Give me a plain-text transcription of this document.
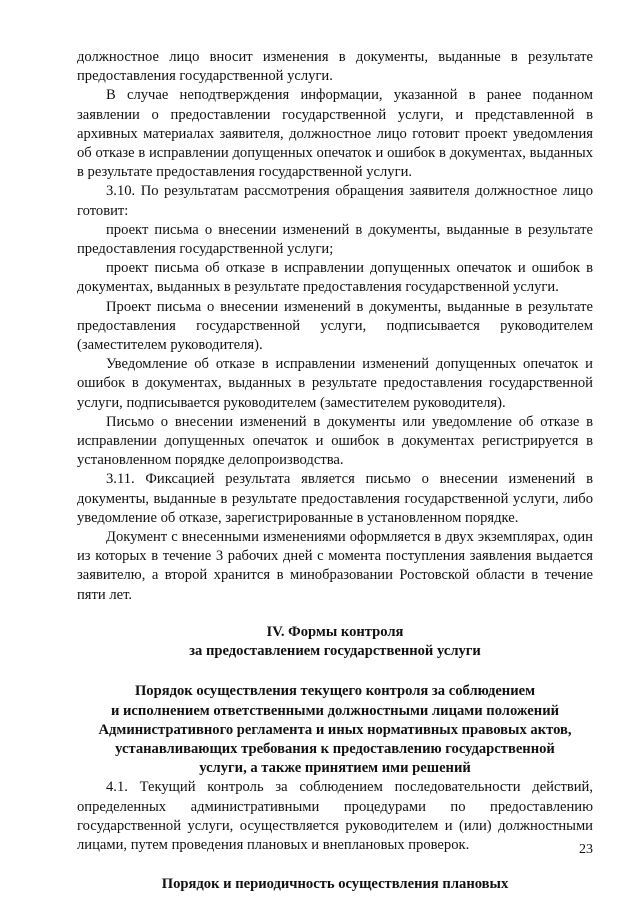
должностное лицо вносит изменения в документы, выданные в результате предоставления государственной услуги.

В случае неподтверждения информации, указанной в ранее поданном заявлении о предоставлении государственной услуги, и представленной в архивных материалах заявителя, должностное лицо готовит проект уведомления об отказе в исправлении допущенных опечаток и ошибок в документах, выданных в результате предоставления государственной услуги.

3.10. По результатам рассмотрения обращения заявителя должностное лицо готовит:

проект письма о внесении изменений в документы, выданные в результате предоставления государственной услуги;

проект письма об отказе в исправлении допущенных опечаток и ошибок в документах, выданных в результате предоставления государственной услуги.

Проект письма о внесении изменений в документы, выданные в результате предоставления государственной услуги, подписывается руководителем (заместителем руководителя).

Уведомление об отказе в исправлении изменений допущенных опечаток и ошибок в документах, выданных в результате предоставления государственной услуги, подписывается руководителем (заместителем руководителя).

Письмо о внесении изменений в документы или уведомление об отказе в исправлении допущенных опечаток и ошибок в документах регистрируется в установленном порядке делопроизводства.

3.11. Фиксацией результата является письмо о внесении изменений в документы, выданные в результате предоставления государственной услуги, либо уведомление об отказе, зарегистрированные в установленном порядке.

Документ с внесенными изменениями оформляется в двух экземплярах, один из которых в течение 3 рабочих дней с момента поступления заявления выдается заявителю, а второй хранится в минобразовании Ростовской области в течение пяти лет.

IV. Формы контроля

за предоставлением государственной услуги

Порядок осуществления текущего контроля за соблюдением

и исполнением ответственными должностными лицами положений

Административного регламента и иных нормативных правовых актов,

устанавливающих требования к предоставлению государственной

услуги, а также принятием ими решений

4.1. Текущий контроль за соблюдением последовательности действий, определенных административными процедурами по предоставлению государственной услуги, осуществляется руководителем и (или) должностными лицами, путем проведения плановых и внеплановых проверок.

Порядок и периодичность осуществления плановых

23
